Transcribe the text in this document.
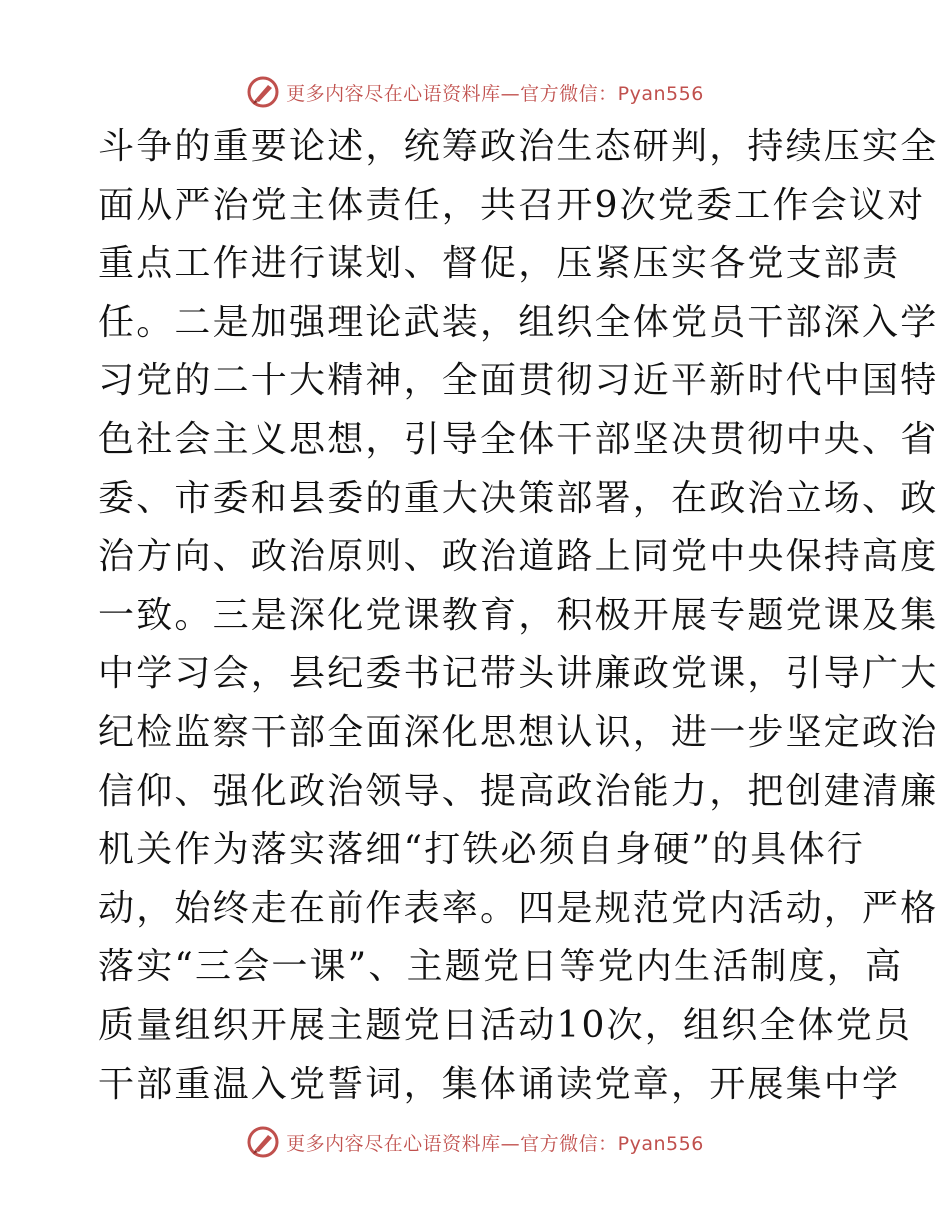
更多内容尽在心语资料库—官方微信：Pyan556
斗争的重要论述，统筹政治生态研判，持续压实全
面从严治党主体责任，共召开9次党委工作会议对
重点工作进行谋划、督促，压紧压实各党支部责
任。二是加强理论武装，组织全体党员干部深入学
习党的二十大精神，全面贯彻习近平新时代中国特
色社会主义思想，引导全体干部坚决贯彻中央、省
委、市委和县委的重大决策部署，在政治立场、政
治方向、政治原则、政治道路上同党中央保持高度
一致。三是深化党课教育，积极开展专题党课及集
中学习会，县纪委书记带头讲廉政党课，引导广大
纪检监察干部全面深化思想认识，进一步坚定政治
信仰、强化政治领导、提高政治能力，把创建清廉
机关作为落实落细“打铁必须自身硬”的具体行
动，始终走在前作表率。四是规范党内活动，严格
落实“三会一课”、主题党日等党内生活制度，高
质量组织开展主题党日活动10次，组织全体党员
干部重温入党誓词，集体诵读党章，开展集中学
更多内容尽在心语资料库—官方微信：Pyan556
